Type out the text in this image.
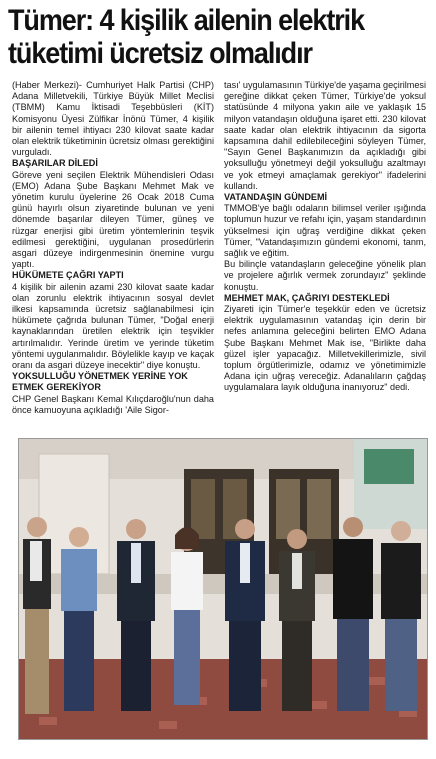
Tümer: 4 kişilik ailenin elektrik
tüketimi ücretsiz olmalıdır

(Haber Merkezi)- Cumhuriyet Halk Partisi (CHP) Adana Milletvekili, Türkiye Büyük Millet Meclisi (TBMM) Kamu İktisadi Teşebbüsleri (KİT) Komisyonu Üyesi Zülfikar İnönü Tümer, 4 kişilik bir ailenin temel ihtiyacı 230 kilovat saate kadar olan elektrik tüketiminin ücretsiz olması gerektiğini vurguladı.

BAŞARILAR DİLEDİ

Göreve yeni seçilen Elektrik Mühendisleri Odası (EMO) Adana Şube Başkanı Mehmet Mak ve yönetim kurulu üyelerine 26 Ocak 2018 Cuma günü hayırlı olsun ziyaretinde bulunan ve yeni dönemde başarılar dileyen Tümer, güneş ve rüzgar enerjisi gibi üretim yöntemlerinin teşvik edilmesi gerektiğini, uygulanan prosedürlerin asgari düzeye indirgenmesinin önemine vurgu yaptı.

HÜKÜMETE ÇAĞRI YAPTI

4 kişilik bir ailenin azami 230 kilovat saate kadar olan zorunlu elektrik ihtiyacının sosyal devlet ilkesi kapsamında ücretsiz sağlanabilmesi için hükümete çağrıda bulunan Tümer, "Doğal enerji kaynaklarından üretilen elektrik için teşvikler artırılmalıdır. Yerinde üretim ve yerinde tüketim yöntemi uygulanmalıdır. Böylelikle kayıp ve kaçak oranı da asgari düzeye inecektir" diye konuştu.

YOKSULLUĞU YÖNETMEK YERİNE YOK ETMEK GEREKİYOR

CHP Genel Başkanı Kemal Kılıçdaroğlu'nun daha önce kamuoyuna açıkladığı 'Aile Sigor-

tası' uygulamasının Türkiye'de yaşama geçirilmesi gereğine dikkat çeken Tümer, Türkiye'de yoksul statüsünde 4 milyona yakın aile ve yaklaşık 15 milyon vatandaşın olduğuna işaret etti. 230 kilovat saate kadar olan elektrik ihtiyacının da sigorta kapsamına dahil edilebileceğini söyleyen Tümer, "Sayın Genel Başkanımızın da açıkladığı gibi yoksulluğu yönetmeyi değil yoksulluğu azaltmayı ve yok etmeyi amaçlamak gerekiyor" ifadelerini kullandı.

VATANDAŞIN GÜNDEMİ

TMMOB'ye bağlı odaların bilimsel veriler ışığında toplumun huzur ve refahı için, yaşam standardının yükselmesi için uğraş verdiğine dikkat çeken Tümer, "Vatandaşımızın gündemi ekonomi, tanm, sağlık ve eğitim.

Bu bilinçle vatandaşların geleceğine yönelik plan ve projelere ağırlık vermek zorundayız" şeklinde konuştu.

MEHMET MAK, ÇAĞRIYI DESTEKLEDİ

Ziyareti için Tümer'e teşekkür eden ve ücretsiz elektrik uygulamasının vatandaş için derin bir nefes anlamına geleceğini belirten EMO Adana Şube Başkanı Mehmet Mak ise, "Birlikte daha güzel işler yapacağız. Milletvekillerimizle, sivil toplum örgütlerimizle, odamız ve yönetimimizle Adana için uğraş vereceğiz. Adanalıların çağdaş uygulamalara layık olduğuna inanıyoruz" dedi.
